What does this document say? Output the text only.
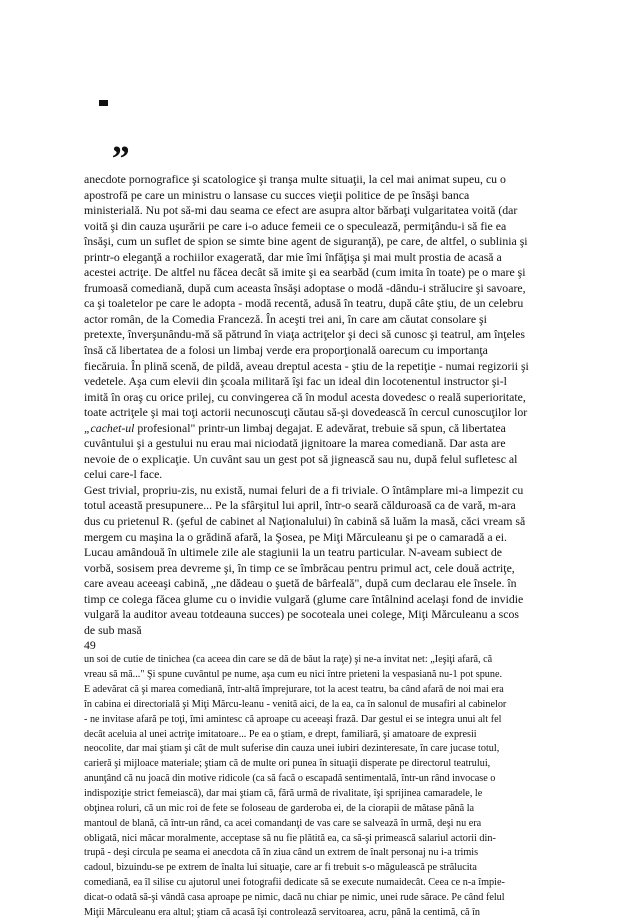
„

anecdote pornografice şi scatologice şi tranşa multe situaţii, la cel mai animat supeu, cu o
apostrofă pe care un ministru o lansase cu succes vieţii politice de pe însăşi banca
ministerială. Nu pot să-mi dau seama ce efect are asupra altor bărbaţi vulgaritatea voită (dar
voită şi din cauza uşurării pe care i-o aduce femeii ce o speculează, permiţându-i să fie ea
însăşi, cum un suflet de spion se simte bine agent de siguranţă), pe care, de altfel, o sublinia şi
printr-o eleganţă a rochiilor exagerată, dar mie îmi înfăţişa şi mai mult prostia de acasă a
acestei actriţe. De altfel nu făcea decât să imite şi ea searbăd (cum imita în toate) pe o mare şi
frumoasă comediană, după cum aceasta însăşi adoptase o modă -dându-i strălucire şi savoare,
ca şi toaletelor pe care le adopta - modă recentă, adusă în teatru, după câte ştiu, de un celebru
actor român, de la Comedia Franceză. În aceşti trei ani, în care am căutat consolare şi
pretexte, înverşunându-mă să pătrund în viaţa actriţelor şi deci să cunosc şi teatrul, am înţeles
însă că libertatea de a folosi un limbaj verde era proporţională oarecum cu importanţa
fiecăruia. În plină scenă, de pildă, aveau dreptul acesta - ştiu de la repetiţie - numai regizorii şi
vedetele. Aşa cum elevii din şcoala militară îşi fac un ideal din locotenentul instructor şi-l
imită în oraş cu orice prilej, cu convingerea că în modul acesta dovedesc o reală superioritate,
toate actriţele şi mai toţi actorii necunoscuţi căutau să-şi dovedească în cercul cunoscuţilor lor
„cachet-ul profesional" printr-un limbaj degajat. E adevărat, trebuie să spun, că libertatea
cuvântului şi a gestului nu erau mai niciodată jignitoare la marea comediană. Dar asta are
nevoie de o explicaţie. Un cuvânt sau un gest pot să jignească sau nu, după felul sufletesc al
celui care-l face.
Gest trivial, propriu-zis, nu există, numai feluri de a fi triviale. O întâmplare mi-a limpezit cu
totul această presupunere... Pe la sfârşitul lui april, într-o seară călduroasă ca de vară, m-ara
dus cu prietenul R. (şeful de cabinet al Naţionalului) în cabină să luăm la masă, căci vream să
mergem cu maşina la o grădină afară, la Şosea, pe Miţi Mărculeanu şi pe o camaradă a ei.
Lucau amândouă în ultimele zile ale stagiunii la un teatru particular. N-aveam subiect de
vorbă, sosisem prea devreme şi, în timp ce se îmbrăcau pentru primul act, cele două actriţe,
care aveau aceeaşi cabină, „ne dădeau o şuetă de bârfeală", după cum declarau ele însele. în
timp ce colega făcea glume cu o invidie vulgară (glume care întâlnind acelaşi fond de invidie
vulgară la auditor aveau totdeauna succes) pe socoteala unei colege, Miţi Mărculeanu a scos
de sub masă

49

un soi de cutie de tinichea (ca aceea din care se dă de băut la raţe) şi ne-a invitat net: „Ieşiţi afară, că
vreau să mă..." Şi spune cuvântul pe nume, aşa cum eu nici între prieteni la vespasiană nu-1 pot spune.
E adevărat că şi marea comediană, într-altă împrejurare, tot la acest teatru, ba când afară de noi mai era
în cabina ei directorială şi Miţi Mărcu-leanu - venită aici, de la ea, ca în salonul de musafiri al cabinelor
- ne invitase afară pe toţi, îmi amintesc că aproape cu aceeaşi frază. Dar gestul ei se integra unui alt fel
decât aceluia al unei actriţe imitatoare... Pe ea o ştiam, e drept, familiară, şi amatoare de expresii
neocolite, dar mai ştiam şi cât de mult suferise din cauza unei iubiri dezinteresate, în care jucase totul,
carieră şi mijloace materiale; ştiam că de multe ori punea în situaţii disperate pe directorul teatrului,
anunţând că nu joacă din motive ridicole (ca să facă o escapadă sentimentală, într-un rând invocase o
indispoziţie strict femeiască), dar mai ştiam că, fără urmă de rivalitate, îşi sprijinea camaradele, le
obţinea roluri, că un mic roi de fete se foloseau de garderoba ei, de la ciorapii de mătase până la
mantoul de blană, că într-un rând, ca acei comandanţi de vas care se salvează în urmă, deşi nu era
obligată, nici măcar moralmente, acceptase să nu fie plătită ea, ca să-şi primească salariul actorii din-
trupă - deşi circula pe seama ei anecdota că în ziua când un extrem de înalt personaj nu i-a trimis
cadoul, bizuindu-se pe extrem de înalta lui situaţie, care ar fi trebuit s-o măgulească pe strălucita
comediană, ea îl silise cu ajutorul unei fotografii dedicate să se execute numaidecât. Ceea ce n-a împie-
dicat-o odată să-şi vândă casa aproape pe nimic, dacă nu chiar pe nimic, unei rude sărace. Pe când felul
Miţii Mărculeanu era altul; ştiam că acasă îşi controlează servitoarea, acru, până la centimă, că în
